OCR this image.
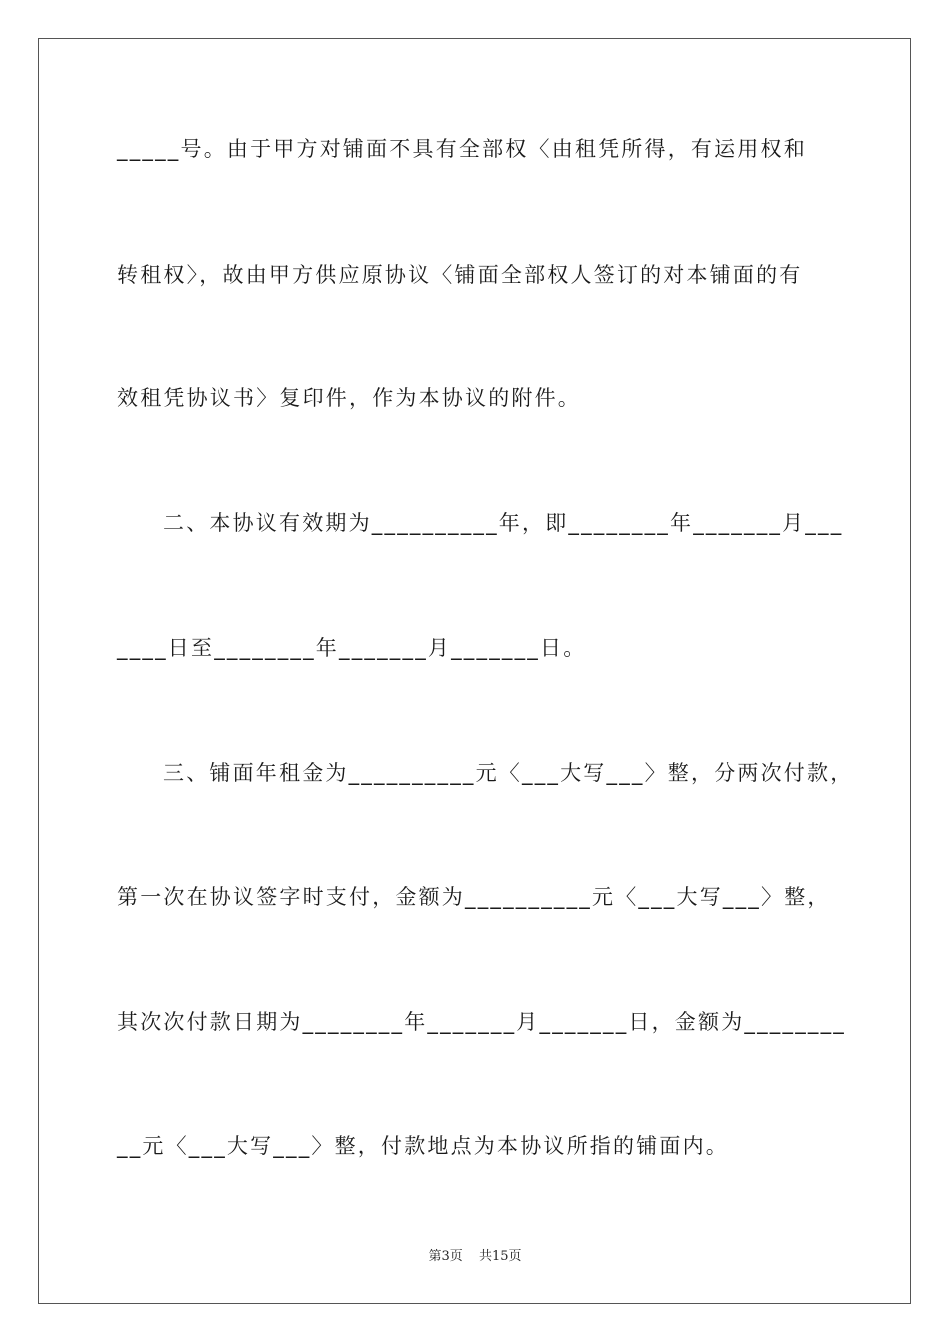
_____号。由于甲方对铺面不具有全部权〈由租凭所得，有运用权和
转租权〉，故由甲方供应原协议〈铺面全部权人签订的对本铺面的有
效租凭协议书〉复印件，作为本协议的附件。
二、本协议有效期为__________年，即________年_______月___
____日至________年_______月_______日。
三、铺面年租金为__________元〈___大写___〉整，分两次付款，
第一次在协议签字时支付，金额为__________元〈___大写___〉整，
其次次付款日期为________年_______月_______日，金额为________
__元〈___大写___〉整，付款地点为本协议所指的铺面内。
第3页 共15页
